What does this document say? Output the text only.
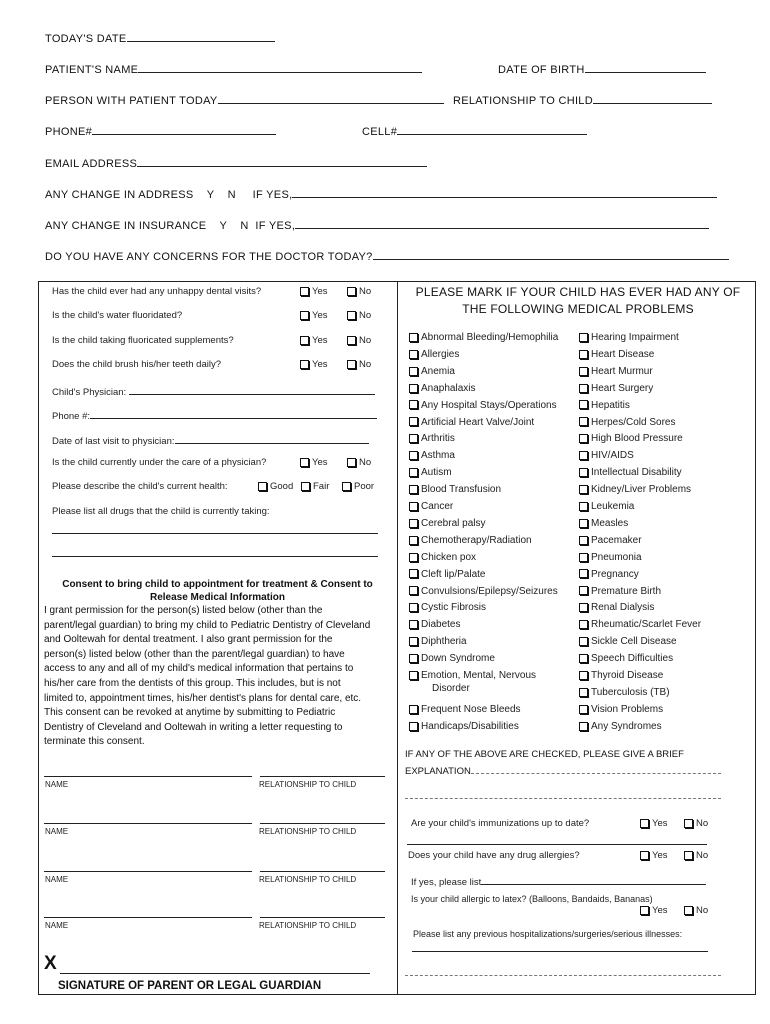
TODAY'S DATE
PATIENT'S NAME	DATE OF BIRTH
PERSON WITH PATIENT TODAY	RELATIONSHIP TO CHILD
PHONE#	CELL#
EMAIL ADDRESS
ANY CHANGE IN ADDRESS    Y    N     IF YES,
ANY CHANGE IN INSURANCE    Y    N  IF YES,
DO YOU HAVE ANY CONCERNS FOR THE DOCTOR TODAY?
Has the child ever had any unhappy dental visits?	Yes	No
Is the child's water fluoridated?	Yes	No
Is the child taking fluoricated supplements?	Yes	No
Does the child brush his/her teeth daily?	Yes	No
Child's Physician:
Phone #:
Date of last visit to physician:
Is the child currently under the care of a physician?	Yes	No
Please describe the child's current health:	Good	Fair	Poor
Please list all drugs that the child is currently taking:
Consent to bring child to appointment for treatment & Consent to
Release Medical Information
I grant permission for the person(s) listed below (other than the
parent/legal guardian) to bring my child to Pediatric Dentistry of Cleveland
and Ooltewah for dental treatment. I also grant permission for the
person(s) listed below (other than the parent/legal guardian) to have
access to any and all of my child's medical information that pertains to
his/her care from the dentists of this group. This includes, but is not
limited to, appointment times, his/her dentist's plans for dental care, etc.
This consent can be revoked at anytime by submitting to Pediatric
Dentistry of Cleveland and Ooltewah in writing a letter requesting to
terminate this consent.
NAME	RELATIONSHIP TO CHILD
NAME	RELATIONSHIP TO CHILD
NAME	RELATIONSHIP TO CHILD
NAME	RELATIONSHIP TO CHILD
X
SIGNATURE OF PARENT OR LEGAL GUARDIAN
PLEASE MARK IF YOUR CHILD HAS EVER HAD ANY OF
THE FOLLOWING MEDICAL PROBLEMS
Abnormal Bleeding/Hemophilia
Allergies
Anemia
Anaphalaxis
Any Hospital Stays/Operations
Artificial Heart Valve/Joint
Arthritis
Asthma
Autism
Blood Transfusion
Cancer
Cerebral palsy
Chemotherapy/Radiation
Chicken pox
Cleft lip/Palate
Convulsions/Epilepsy/Seizures
Cystic Fibrosis
Diabetes
Diphtheria
Down Syndrome
Emotion, Mental, Nervous
Frequent Nose Bleeds
Handicaps/Disabilities
Hearing Impairment
Heart Disease
Heart Murmur
Heart Surgery
Hepatitis
Herpes/Cold Sores
High Blood Pressure
HIV/AIDS
Intellectual Disability
Kidney/Liver Problems
Leukemia
Measles
Pacemaker
Pneumonia
Pregnancy
Premature Birth
Renal Dialysis
Rheumatic/Scarlet Fever
Sickle Cell Disease
Speech Difficulties
Thyroid Disease
Tuberculosis (TB)
Vision Problems
Any Syndromes
Disorder
IF ANY OF THE ABOVE ARE CHECKED, PLEASE GIVE A BRIEF
EXPLANATION
Are your child's immunizations up to date?	Yes	No
Does your child have any drug allergies?	Yes	No
If yes, please list
Is your child allergic to latex? (Balloons, Bandaids, Bananas)
Yes	No
Please list any previous hospitalizations/surgeries/serious illnesses:
